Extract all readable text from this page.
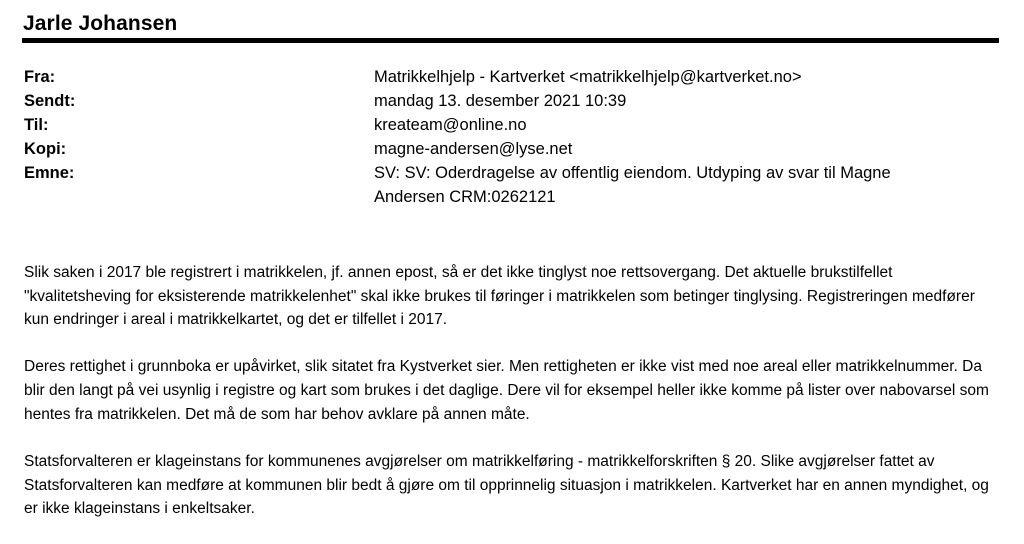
Jarle Johansen
Fra:	Matrikkelhjelp - Kartverket <matrikkelhjelp@kartverket.no>
Sendt:	mandag 13. desember 2021 10:39
Til:	kreateam@online.no
Kopi:	magne-andersen@lyse.net
Emne:	SV: SV: Oderdragelse av offentlig eiendom. Utdyping av svar til Magne Andersen CRM:0262121

Slik saken i 2017 ble registrert i matrikkelen, jf. annen epost, så er det ikke tinglyst noe rettsovergang. Det aktuelle brukstilfellet "kvalitetsheving for eksisterende matrikkelenhet" skal ikke brukes til føringer i matrikkelen som betinger tinglysing. Registreringen medfører kun endringer i areal i matrikkelkartet, og det er tilfellet i 2017.

Deres rettighet i grunnboka er upåvirket, slik sitatet fra Kystverket sier. Men rettigheten er ikke vist med noe areal eller matrikkelnummer. Da blir den langt på vei usynlig i registre og kart som brukes i det daglige. Dere vil for eksempel heller ikke komme på lister over nabovarsel som hentes fra matrikkelen. Det må de som har behov avklare på annen måte.

Statsforvalteren er klageinstans for kommunenes avgjørelser om matrikkelføring - matrikkelforskriften § 20. Slike avgjørelser fattet av Statsforvalteren kan medføre at kommunen blir bedt å gjøre om til opprinnelig situasjon i matrikkelen. Kartverket har en annen myndighet, og er ikke klageinstans i enkeltsaker.
